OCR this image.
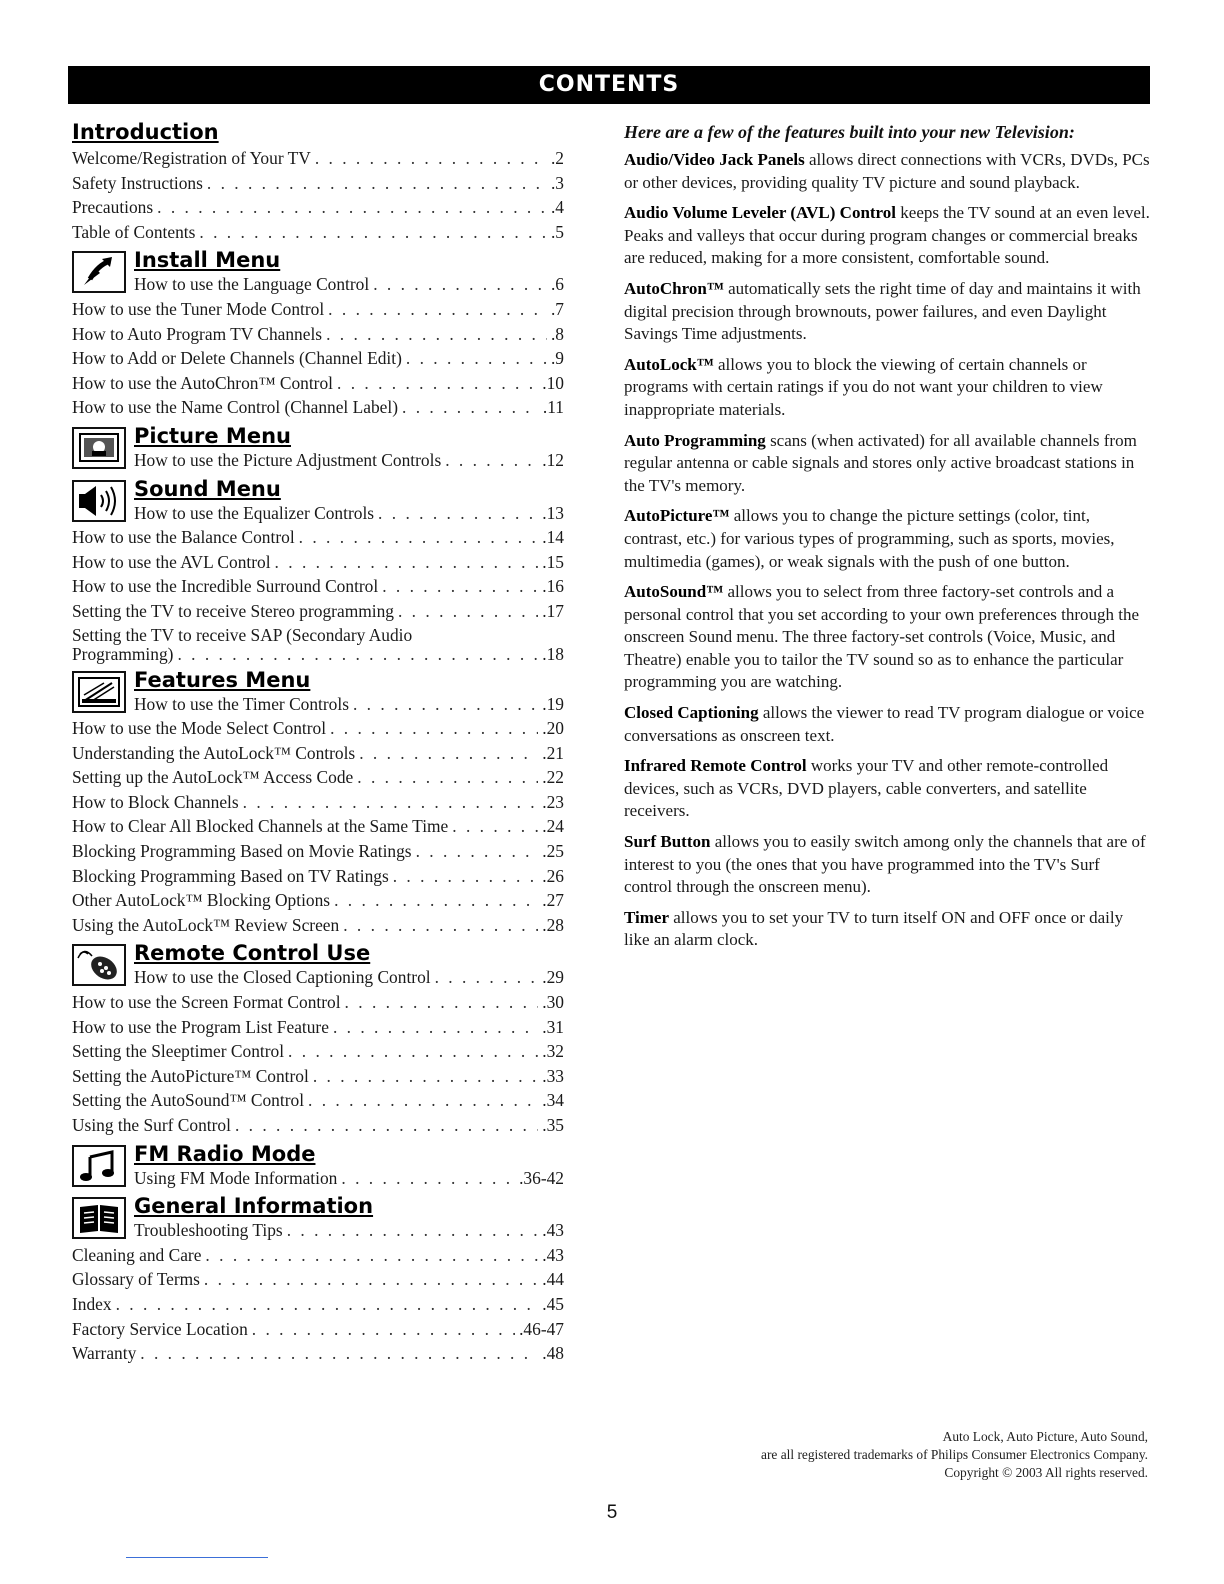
CONTENTS
Introduction
Welcome/Registration of Your TV . . .	.2
Safety Instructions . . .	.3
Precautions . . .	.4
Table of Contents . . .	.5
Install Menu
How to use the Language Control . . .	.6
How to use the Tuner Mode Control . . .	.7
How to Auto Program TV Channels . . .	.8
How to Add or Delete Channels (Channel Edit) . . .	.9
How to use the AutoChron™ Control . . .	.10
How to use the Name Control (Channel Label) . . .	.11
Picture Menu
How to use the Picture Adjustment Controls . . .	.12
Sound Menu
How to use the Equalizer Controls . . .	.13
How to use the Balance Control . . .	.14
How to use the AVL Control . . .	.15
How to use the Incredible Surround Control . . .	.16
Setting the TV to receive Stereo programming . . .	.17
Setting the TV to receive SAP (Secondary Audio
Programming) . . .	.18
Features Menu
How to use the Timer Controls . . .	.19
How to use the Mode Select Control . . .	.20
Understanding the AutoLock™ Controls . . .	.21
Setting up the AutoLock™ Access Code . . .	.22
How to Block Channels . . .	.23
How to Clear All Blocked Channels at the Same Time . . .	.24
Blocking Programming Based on Movie Ratings . . .	.25
Blocking Programming Based on TV Ratings . . .	.26
Other AutoLock™ Blocking Options . . .	.27
Using the AutoLock™ Review Screen . . .	.28
Remote Control Use
How to use the Closed Captioning Control . . .	.29
How to use the Screen Format Control . . .	.30
How to use the Program List Feature . . .	.31
Setting the Sleeptimer Control . . .	.32
Setting the AutoPicture™ Control . . .	.33
Setting the AutoSound™ Control . . .	.34
Using the Surf Control . . .	.35
FM Radio Mode
Using FM Mode Information . . .	.36-42
General Information
Troubleshooting Tips . . .	.43
Cleaning and Care . . .	.43
Glossary of Terms . . .	.44
Index . . .	.45
Factory Service Location . . .	.46-47
Warranty . . .	.48
Here are a few of the features built into your new Television:
Audio/Video Jack Panels allows direct connections with VCRs, DVDs, PCs or other devices, providing quality TV picture and sound playback.
Audio Volume Leveler (AVL) Control keeps the TV sound at an even level. Peaks and valleys that occur during program changes or commercial breaks are reduced, making for a more consistent, comfortable sound.
AutoChron™ automatically sets the right time of day and maintains it with digital precision through brownouts, power failures, and even Daylight Savings Time adjustments.
AutoLock™ allows you to block the viewing of certain channels or programs with certain ratings if you do not want your children to view inappropriate materials.
Auto Programming scans (when activated) for all available channels from regular antenna or cable signals and stores only active broadcast stations in the TV's memory.
AutoPicture™ allows you to change the picture settings (color, tint, contrast, etc.) for various types of programming, such as sports, movies, multimedia (games), or weak signals with the push of one button.
AutoSound™ allows you to select from three factory-set controls and a personal control that you set according to your own preferences through the onscreen Sound menu. The three factory-set controls (Voice, Music, and Theatre) enable you to tailor the TV sound so as to enhance the particular programming you are watching.
Closed Captioning allows the viewer to read TV program dialogue or voice conversations as onscreen text.
Infrared Remote Control works your TV and other remote-controlled devices, such as VCRs, DVD players, cable converters, and satellite receivers.
Surf Button allows you to easily switch among only the channels that are of interest to you (the ones that you have programmed into the TV's Surf control through the onscreen menu).
Timer allows you to set your TV to turn itself ON and OFF once or daily like an alarm clock.
Auto Lock, Auto Picture, Auto Sound,
are all registered trademarks of Philips Consumer Electronics Company.
Copyright © 2003 All rights reserved.
5
